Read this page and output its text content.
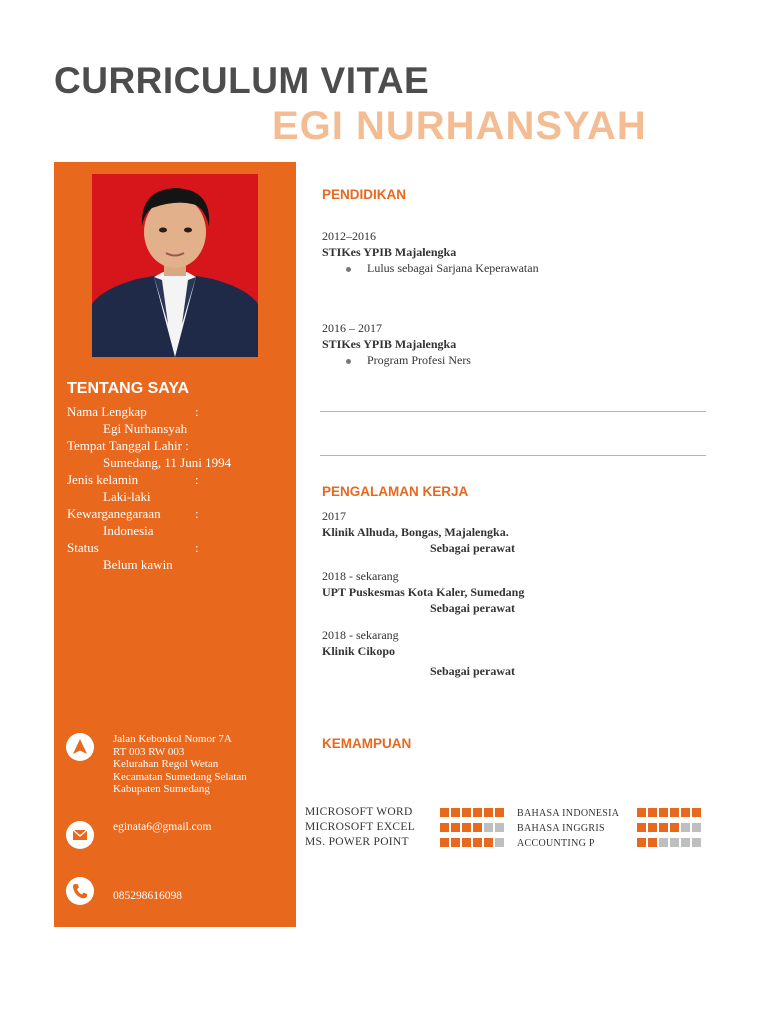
CURRICULUM VITAE
EGI NURHANSYAH
TENTANG SAYA
Nama Lengkap	:
Egi Nurhansyah
Tempat Tanggal Lahir :
Sumedang, 11 Juni 1994
Jenis kelamin	:
Laki-laki
Kewarganegaraan	:
Indonesia
Status	:
Belum kawin
Jalan Kebonkol Nomor 7A
RT 003 RW 003
Kelurahan Regol Wetan
Kecamatan Sumedang Selatan
Kabupaten Sumedang
eginata6@gmail.com
085298616098
PENDIDIKAN
2012–2016
STIKes YPIB Majalengka
Lulus sebagai Sarjana Keperawatan
2016 – 2017
STIKes YPIB Majalengka
Program Profesi Ners
PENGALAMAN KERJA
2017
Klinik Alhuda, Bongas, Majalengka.
Sebagai perawat
2018 - sekarang
UPT Puskesmas Kota Kaler, Sumedang
Sebagai perawat
2018 - sekarang
Klinik Cikopo
Sebagai perawat
KEMAMPUAN
MICROSOFT WORD
MICROSOFT EXCEL
MS. POWER POINT
BAHASA INDONESIA
BAHASA INGGRIS
ACCOUNTING P
